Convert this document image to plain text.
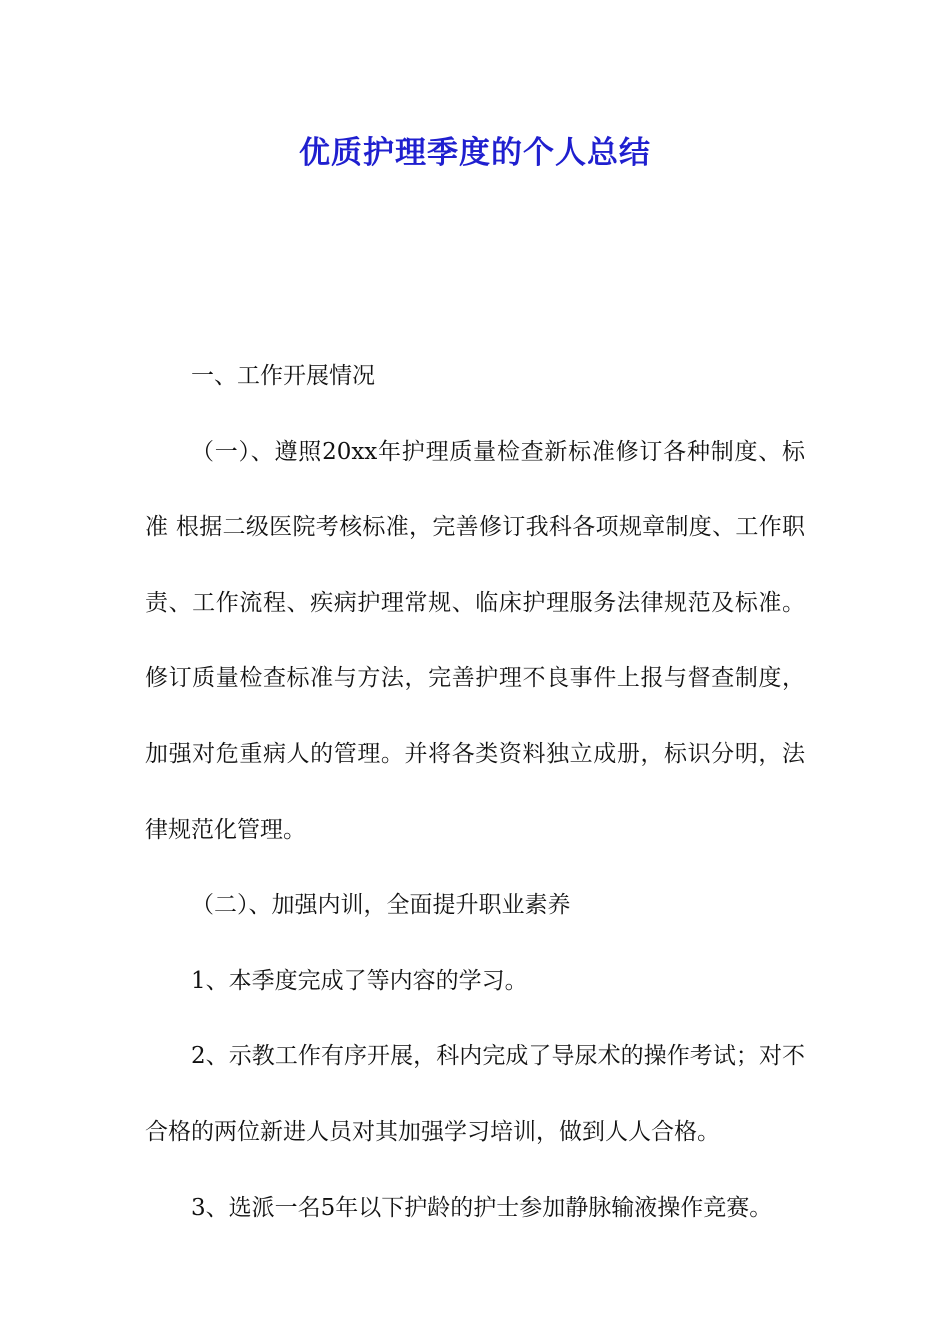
优质护理季度的个人总结

一、工作开展情况

（一）、遵照20xx年护理质量检查新标准修订各种制度、标准 根据二级医院考核标准，完善修订我科各项规章制度、工作职责、工作流程、疾病护理常规、临床护理服务法律规范及标准。修订质量检查标准与方法，完善护理不良事件上报与督查制度，加强对危重病人的管理。并将各类资料独立成册，标识分明，法律规范化管理。

（二）、加强内训，全面提升职业素养

1、本季度完成了等内容的学习。

2、示教工作有序开展，科内完成了导尿术的操作考试；对不合格的两位新进人员对其加强学习培训，做到人人合格。

3、选派一名5年以下护龄的护士参加静脉输液操作竞赛。
